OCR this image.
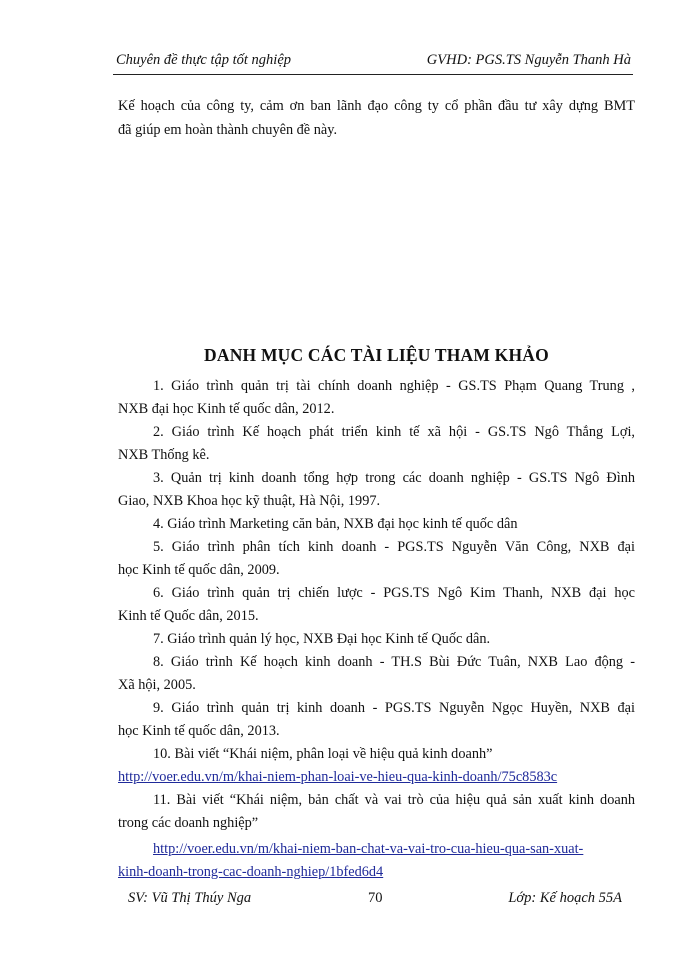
Chuyên đề thực tập tốt nghiệp	GVHD: PGS.TS Nguyễn Thanh Hà
Kế hoạch của công ty, cảm ơn ban lãnh đạo công ty cổ phần đầu tư xây dựng BMT
đã giúp em hoàn thành chuyên đề này.
DANH MỤC CÁC TÀI LIỆU THAM KHẢO
1. Giáo trình quản trị tài chính doanh nghiệp - GS.TS Phạm Quang Trung ,
NXB đại học Kinh tế quốc dân, 2012.
2. Giáo trình Kế hoạch phát triển kinh tế xã hội - GS.TS Ngô Thắng Lợi,
NXB Thống kê.
3. Quản trị kinh doanh tổng hợp trong các doanh nghiệp - GS.TS Ngô Đình
Giao, NXB Khoa học kỹ thuật, Hà Nội, 1997.
4. Giáo trình Marketing căn bản, NXB đại học kinh tế quốc dân
5. Giáo trình phân tích kinh doanh - PGS.TS Nguyễn Văn Công, NXB đại
học Kinh tế quốc dân, 2009.
6. Giáo trình quản trị chiến lược - PGS.TS Ngô Kim Thanh, NXB đại học
Kinh tế Quốc dân, 2015.
7. Giáo trình quản lý học, NXB Đại học Kinh tế Quốc dân.
8. Giáo trình Kế hoạch kinh doanh - TH.S Bùi Đức Tuân, NXB Lao động -
Xã hội, 2005.
9. Giáo trình quản trị kinh doanh - PGS.TS Nguyễn Ngọc Huyền, NXB đại
học Kinh tế quốc dân, 2013.
10. Bài viết “Khái niệm, phân loại về hiệu quả kinh doanh”
http://voer.edu.vn/m/khai-niem-phan-loai-ve-hieu-qua-kinh-doanh/75c8583c
11. Bài viết “Khái niệm, bản chất và vai trò của hiệu quả sản xuất kinh doanh
trong các doanh nghiệp”
http://voer.edu.vn/m/khai-niem-ban-chat-va-vai-tro-cua-hieu-qua-san-xuat-
kinh-doanh-trong-cac-doanh-nghiep/1bfed6d4
SV: Vũ Thị Thúy Nga	70	Lớp: Kế hoạch 55A
